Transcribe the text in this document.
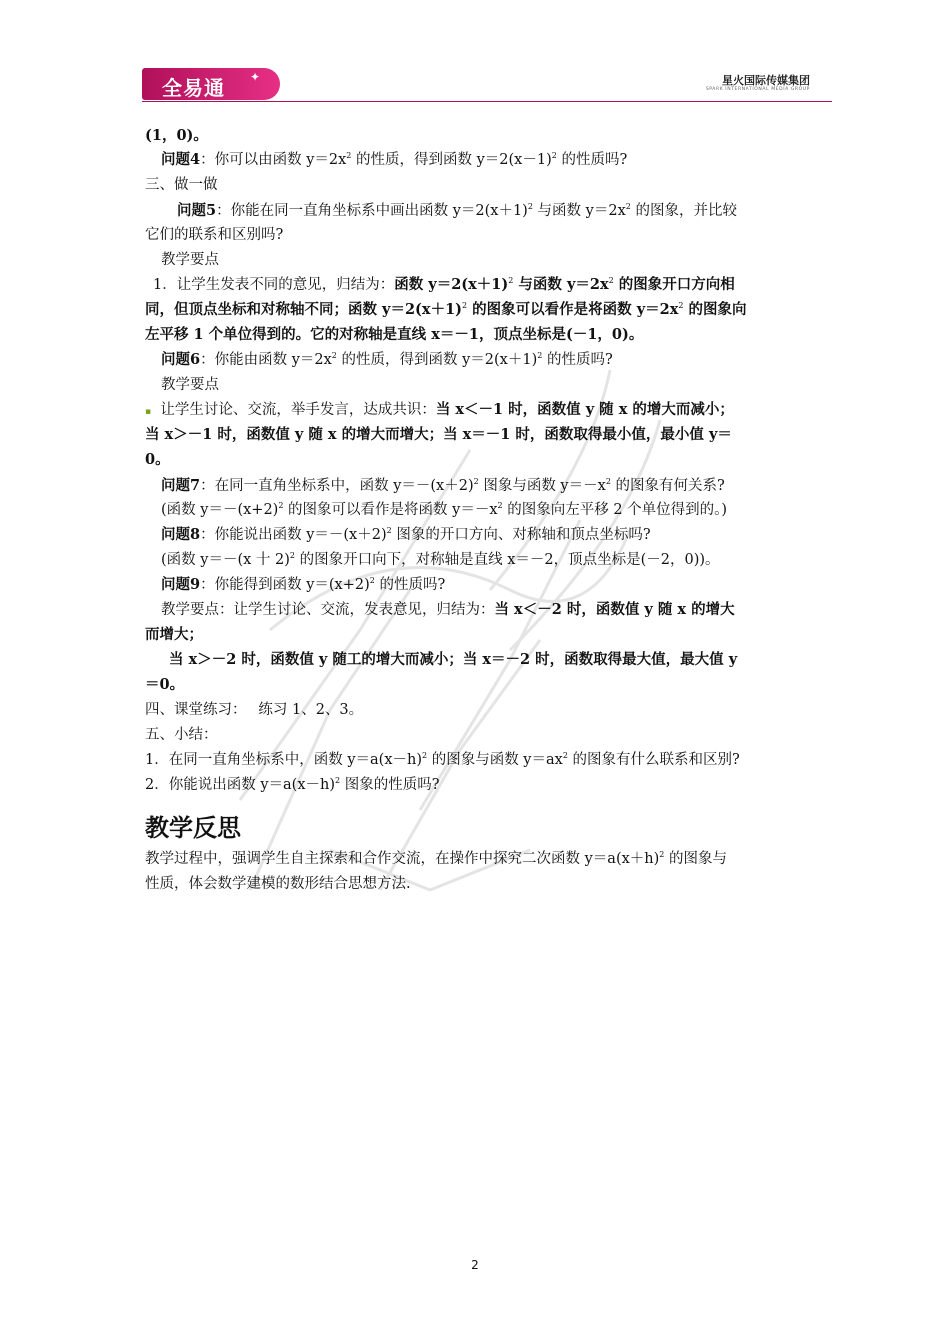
全易通 ✦	星火国际传媒集团
SPARK INTERNATIONAL MEDIA GROUP
(1，0)。
问题4：你可以由函数 $y=2x^2$ 的性质，得到函数 $y=2(x-1)^2$ 的性质吗?
三、做一做
问题5：你能在同一直角坐标系中画出函数 $y=2(x+1)^2$ 与函数 $y=2x^2$ 的图象，并比较
它们的联系和区别吗?
教学要点
1．让学生发表不同的意见，归结为：函数 $y=2(x+1)^2$ 与函数 $y=2x^2$ 的图象开口方向相
同，但顶点坐标和对称轴不同；函数 $y=2(x+1)^2$ 的图象可以看作是将函数 $y=2x^2$ 的图象向
左平移 1 个单位得到的。它的对称轴是直线 x＝－1，顶点坐标是(－1，0)。
问题6：你能由函数 $y=2x^2$ 的性质，得到函数 $y=2(x+1)^2$ 的性质吗?
教学要点
▪ 让学生讨论、交流，举手发言，达成共识：当 x＜－1 时，函数值 y 随 x 的增大而减小；
当 x＞－1 时，函数值 y 随 x 的增大而增大；当 x＝－1 时，函数取得最小值，最小值 y＝
0。
问题7：在同一直角坐标系中，函数 $y=-(x+2)^2$ 图象与函数 $y=-x^2$ 的图象有何关系?
(函数 $y=-(x+2)^2$ 的图象可以看作是将函数 $y=-x^2$ 的图象向左平移 2 个单位得到的。)
问题8：你能说出函数 $y=-(x+2)^2$ 图象的开口方向、对称轴和顶点坐标吗?
(函数 y＝－(x 十 2)$^2$ 的图象开口向下，对称轴是直线 x＝－2，顶点坐标是(－2，0))。
问题9：你能得到函数 $y=(x+2)^2$ 的性质吗?
教学要点：让学生讨论、交流，发表意见，归结为：当 x＜－2 时，函数值 y 随 x 的增大
而增大；
当 x＞－2 时，函数值 y 随工的增大而减小；当 x＝－2 时，函数取得最大值，最大值 y
＝0。
四、课堂练习：　 练习 1、2、3。
五、小结：
1．在同一直角坐标系中，函数 $y=a(x-h)^2$ 的图象与函数 $y=ax^2$ 的图象有什么联系和区别?
2．你能说出函数 $y=a(x-h)^2$ 图象的性质吗?
教学反思
教学过程中，强调学生自主探索和合作交流，在操作中探究二次函数 $y=a(x+h)^2$ 的图象与
性质，体会数学建模的数形结合思想方法.
2
